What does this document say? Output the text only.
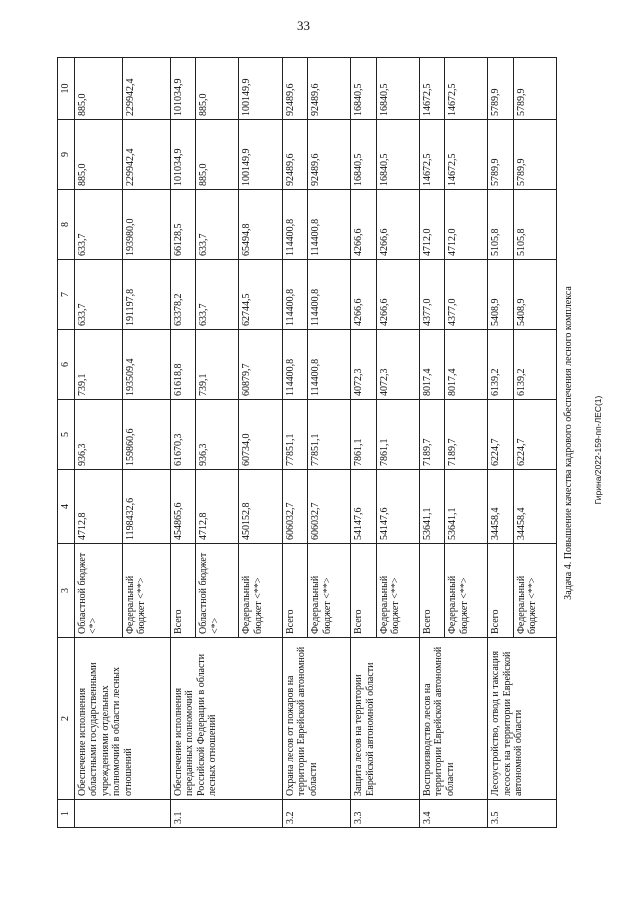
33
Гирина/2022-159-пп-ЛЕС(1)
1	2	3	4	5	6	7	8	9	10
	Обеспечение исполнения областными государственными учреждениями отдельных полномочий в области лесных отношений	Областной бюджет <*>	4712,8	936,3	739,1	633,7	633,7	885,0	885,0
		Федеральный бюджет <**>	1198432,6	159860,6	193509,4	191197,8	193980,0	229942,4	229942,4
3.1	Обеспечение исполнения переданных полномочий Российской Федерации в области лесных отношений	Всего	454865,6	61670,3	61618,8	63378,2	66128,5	101034,9	101034,9
		Областной бюджет <*>	4712,8	936,3	739,1	633,7	633,7	885,0	885,0
		Федеральный бюджет <**>	450152,8	60734,0	60879,7	62744,5	65494,8	100149,9	100149,9
3.2	Охрана лесов от пожаров на территории Еврейской автономной области	Всего	606032,7	77851,1	114400,8	114400,8	114400,8	92489,6	92489,6
		Федеральный бюджет <**>	606032,7	77851,1	114400,8	114400,8	114400,8	92489,6	92489,6
3.3	Защита лесов на территории Еврейской автономной области	Всего	54147,6	7861,1	4072,3	4266,6	4266,6	16840,5	16840,5
		Федеральный бюджет <**>	54147,6	7861,1	4072,3	4266,6	4266,6	16840,5	16840,5
3.4	Воспроизводство лесов на территории Еврейской автономной области	Всего	53641,1	7189,7	8017,4	4377,0	4712,0	14672,5	14672,5
		Федеральный бюджет <**>	53641,1	7189,7	8017,4	4377,0	4712,0	14672,5	14672,5
3.5	Лесоустройство, отвод и таксация лесосек на территории Еврейской автономной области	Всего	34458,4	6224,7	6139,2	5408,9	5105,8	5789,9	5789,9
		Федеральный бюджет <**>	34458,4	6224,7	6139,2	5408,9	5105,8	5789,9	5789,9
Задача 4. Повышение качества кадрового обеспечения лесного комплекса
